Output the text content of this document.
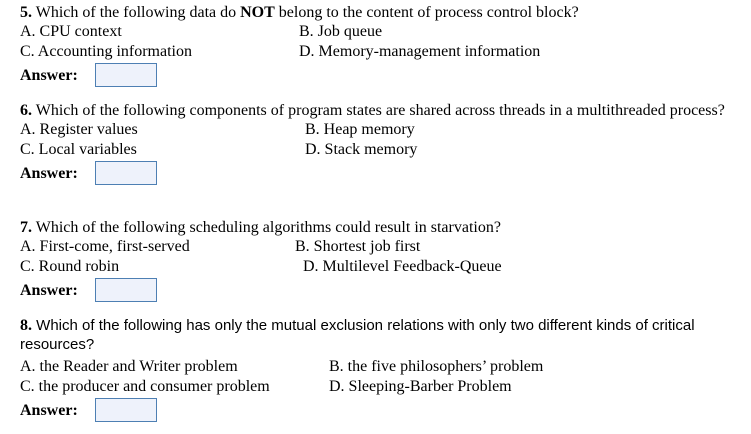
5. Which of the following data do NOT belong to the content of process control block?

A. CPU context	B. Job queue
C. Accounting information	D. Memory-management information
Answer:

6. Which of the following components of program states are shared across threads in a multithreaded process?

A. Register values	B. Heap memory
C. Local variables	D. Stack memory
Answer:

7. Which of the following scheduling algorithms could result in starvation?

A. First-come, first-served	B. Shortest job first
C. Round robin	D. Multilevel Feedback-Queue
Answer:

8. Which of the following has only the mutual exclusion relations with only two different kinds of critical resources?

A. the Reader and Writer problem	B. the five philosophers’ problem
C. the producer and consumer problem	D. Sleeping-Barber Problem
Answer:
